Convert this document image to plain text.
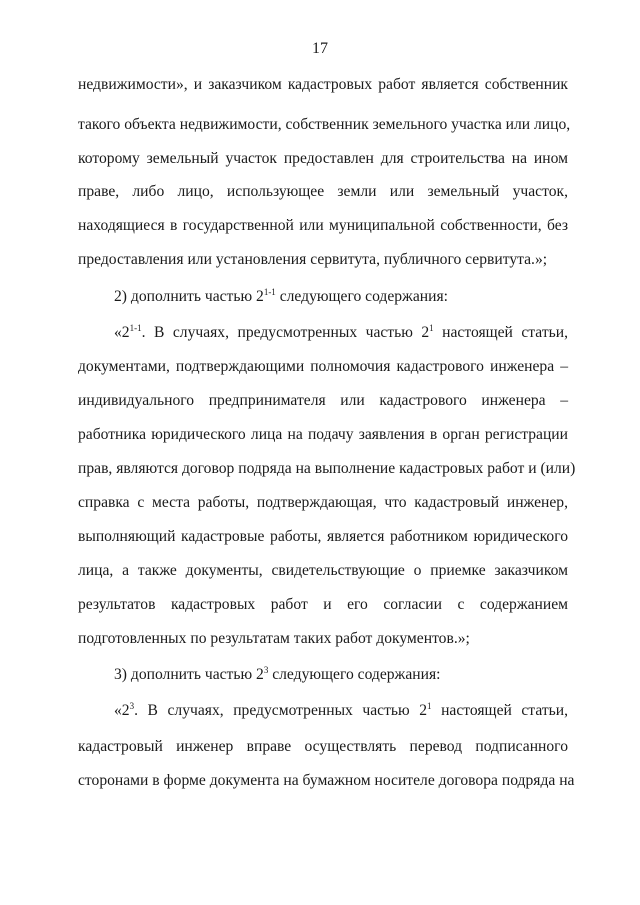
17
недвижимости», и заказчиком кадастровых работ является собственник
такого объекта недвижимости, собственник земельного участка или лицо,
которому земельный участок предоставлен для строительства на ином
праве, либо лицо, использующее земли или земельный участок,
находящиеся в государственной или муниципальной собственности, без
предоставления или установления сервитута, публичного сервитута.»;
2) дополнить частью 2$^{1-1}$ следующего содержания:
«2$^{1-1}$. В случаях, предусмотренных частью $2^1$ настоящей статьи,
документами, подтверждающими полномочия кадастрового инженера –
индивидуального предпринимателя или кадастрового инженера –
работника юридического лица на подачу заявления в орган регистрации
прав, являются договор подряда на выполнение кадастровых работ и (или)
справка с места работы, подтверждающая, что кадастровый инженер,
выполняющий кадастровые работы, является работником юридического
лица, а также документы, свидетельствующие о приемке заказчиком
результатов кадастровых работ и его согласии с содержанием
подготовленных по результатам таких работ документов.»;
3) дополнить частью $2^3$ следующего содержания:
«$2^3$. В случаях, предусмотренных частью $2^1$ настоящей статьи,
кадастровый инженер вправе осуществлять перевод подписанного
сторонами в форме документа на бумажном носителе договора подряда на
